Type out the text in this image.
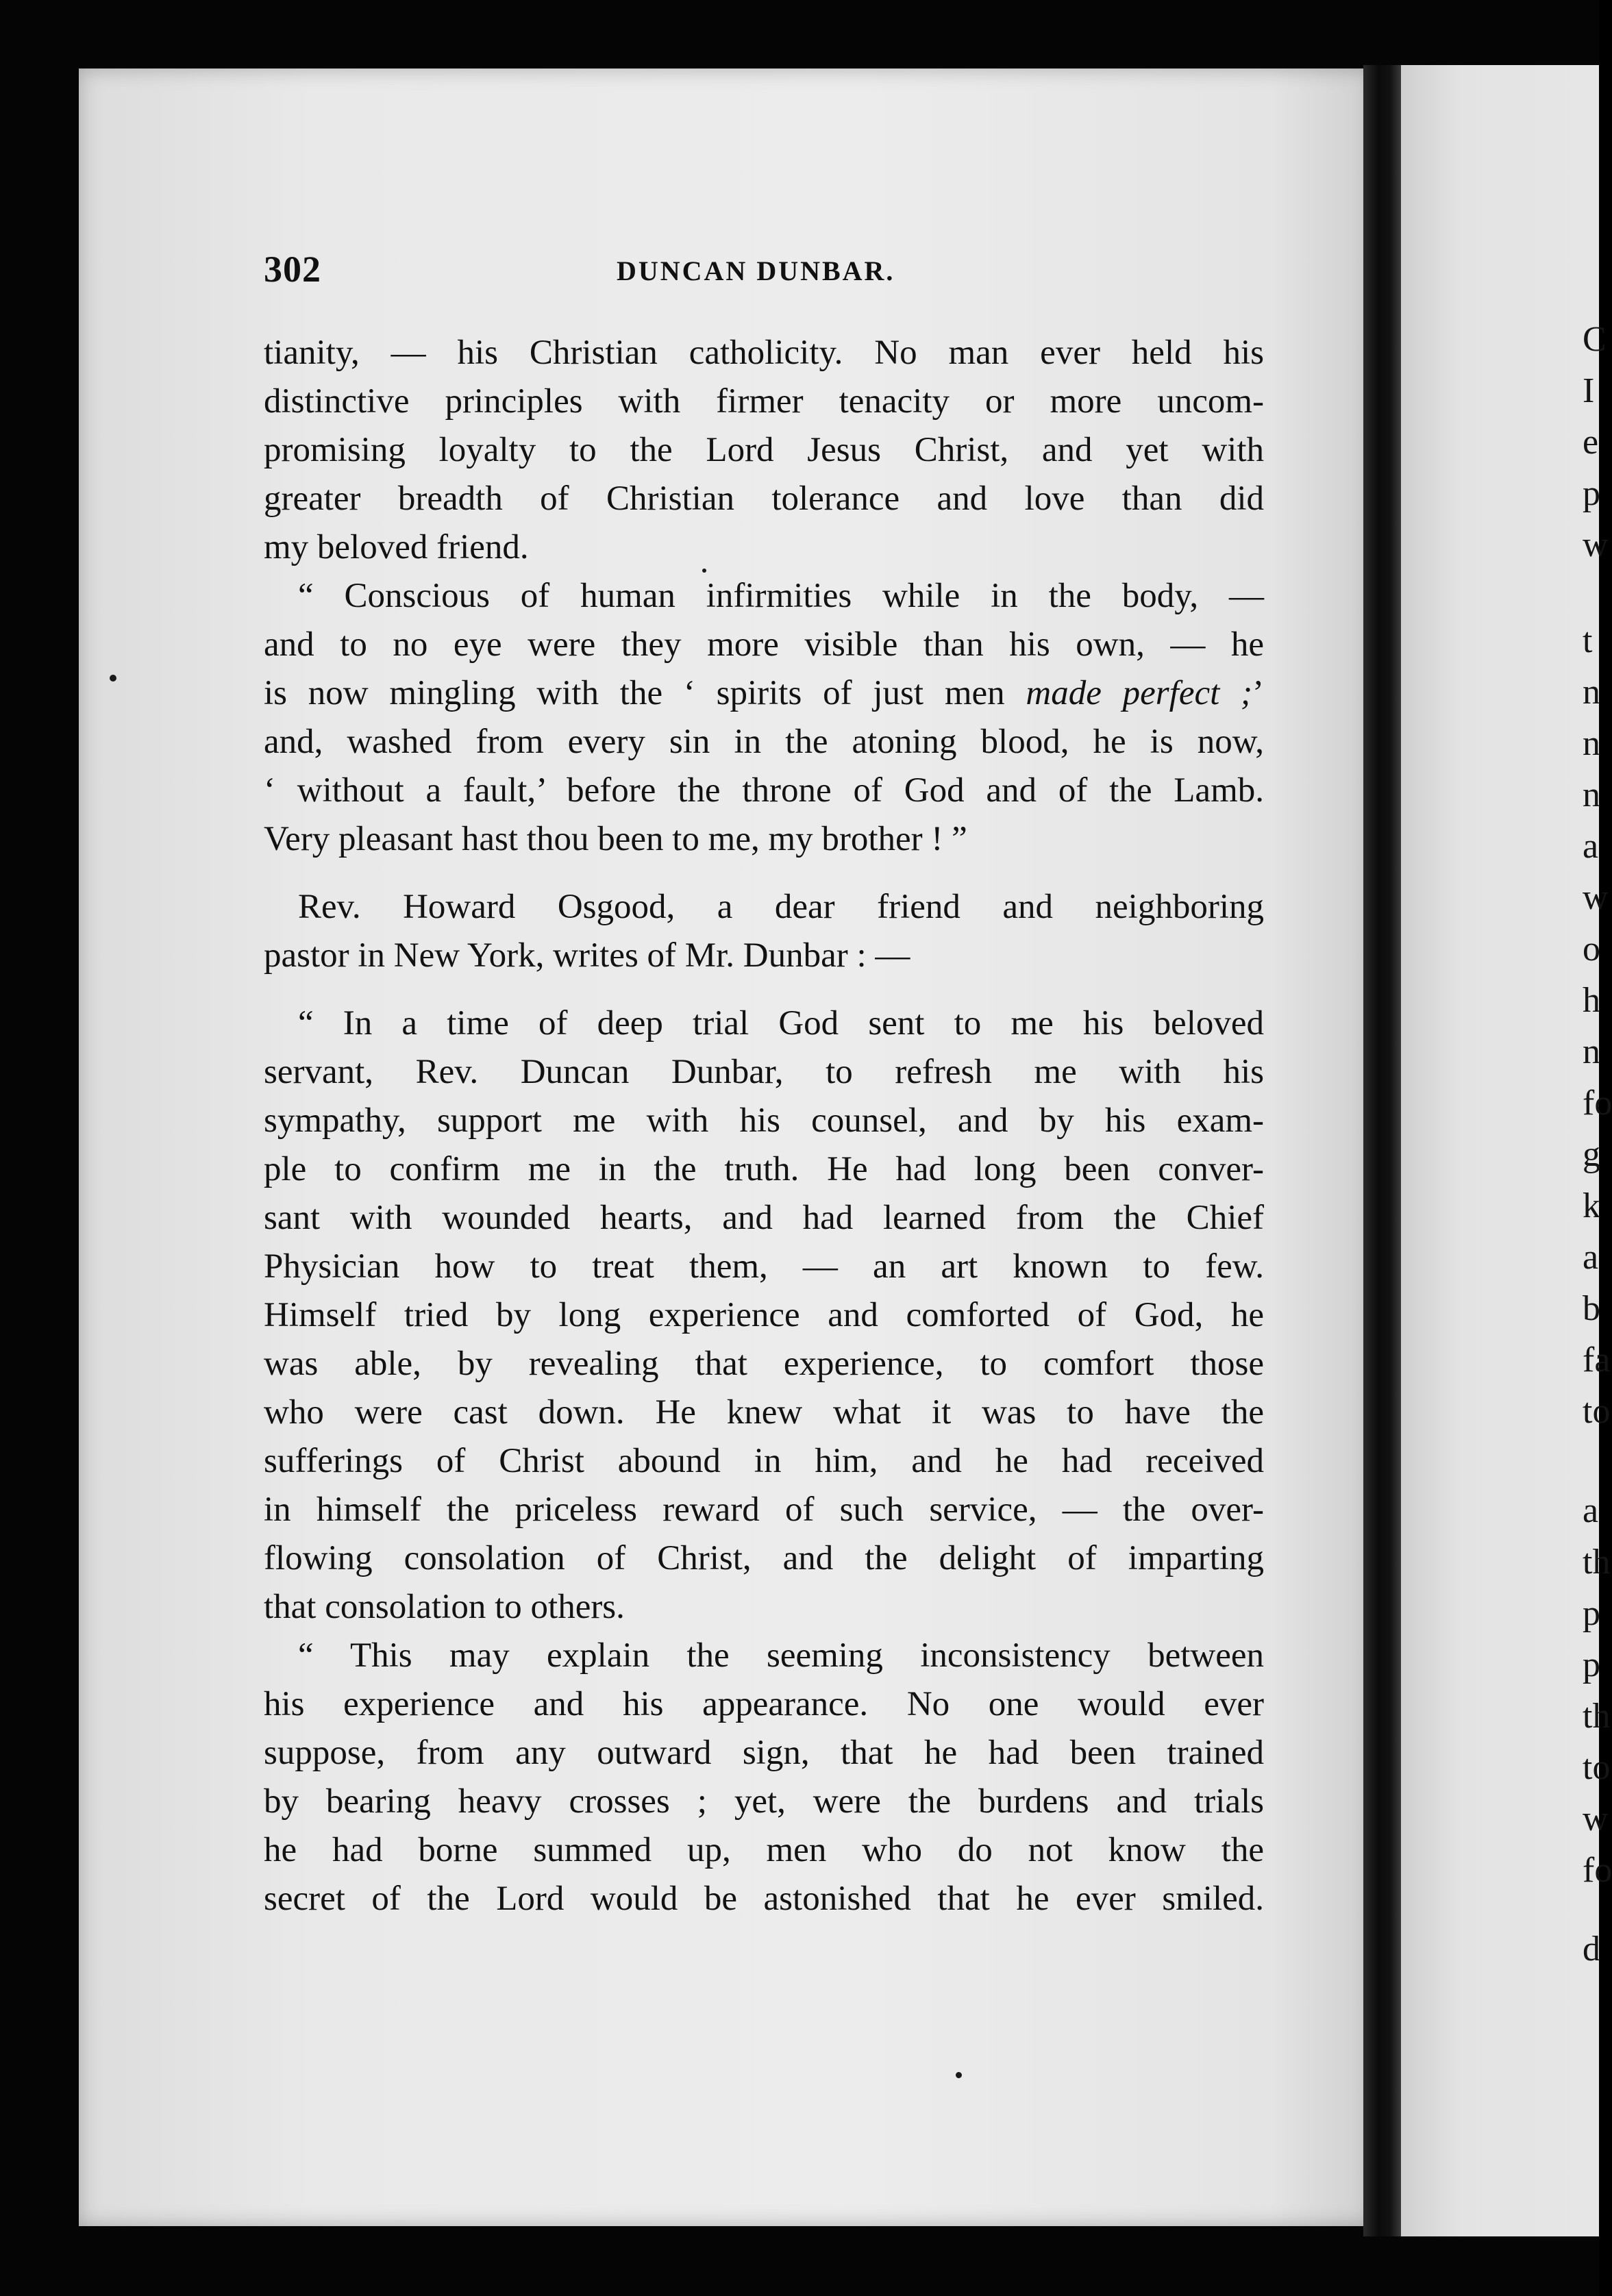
C
I
e
p
w
t
n
n
n
a
w
o
h
n
fo
g
k
a
b
fa
to
a
th
p
p
th
to
w
fo
d
302	DUNCAN DUNBAR.

tianity, — his Christian catholicity. No man ever held his
distinctive principles with firmer tenacity or more uncom-
promising loyalty to the Lord Jesus Christ, and yet with
greater breadth of Christian tolerance and love than did
my beloved friend.

“ Conscious of human infirmities while in the body, —
and to no eye were they more visible than his own, — he
is now mingling with the ‘ spirits of just men made perfect ;’
and, washed from every sin in the atoning blood, he is now,
‘ without a fault,’ before the throne of God and of the Lamb.
Very pleasant hast thou been to me, my brother ! ”

Rev. Howard Osgood, a dear friend and neighboring
pastor in New York, writes of Mr. Dunbar : —

“ In a time of deep trial God sent to me his beloved
servant, Rev. Duncan Dunbar, to refresh me with his
sympathy, support me with his counsel, and by his exam-
ple to confirm me in the truth. He had long been conver-
sant with wounded hearts, and had learned from the Chief
Physician how to treat them, — an art known to few.
Himself tried by long experience and comforted of God, he
was able, by revealing that experience, to comfort those
who were cast down. He knew what it was to have the
sufferings of Christ abound in him, and he had received
in himself the priceless reward of such service, — the over-
flowing consolation of Christ, and the delight of imparting
that consolation to others.

“ This may explain the seeming inconsistency between
his experience and his appearance. No one would ever
suppose, from any outward sign, that he had been trained
by bearing heavy crosses ; yet, were the burdens and trials
he had borne summed up, men who do not know the
secret of the Lord would be astonished that he ever smiled.
